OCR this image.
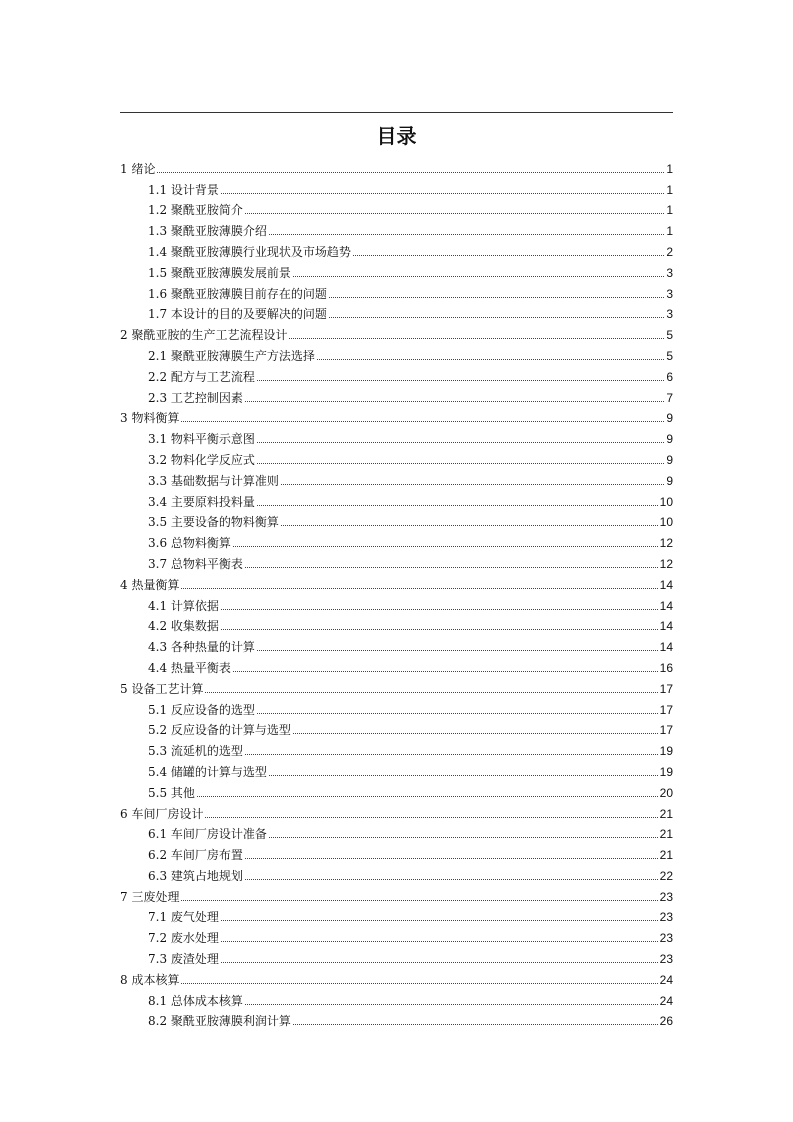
目录
1 绪论	1
1.1 设计背景	1
1.2 聚酰亚胺简介	1
1.3 聚酰亚胺薄膜介绍	1
1.4 聚酰亚胺薄膜行业现状及市场趋势	2
1.5 聚酰亚胺薄膜发展前景	3
1.6 聚酰亚胺薄膜目前存在的问题	3
1.7 本设计的目的及要解决的问题	3
2 聚酰亚胺的生产工艺流程设计	5
2.1 聚酰亚胺薄膜生产方法选择	5
2.2 配方与工艺流程	6
2.3 工艺控制因素	7
3 物料衡算	9
3.1 物料平衡示意图	9
3.2 物料化学反应式	9
3.3 基础数据与计算准则	9
3.4 主要原料投料量	10
3.5 主要设备的物料衡算	10
3.6 总物料衡算	12
3.7 总物料平衡表	12
4 热量衡算	14
4.1 计算依据	14
4.2 收集数据	14
4.3 各种热量的计算	14
4.4 热量平衡表	16
5 设备工艺计算	17
5.1 反应设备的选型	17
5.2 反应设备的计算与选型	17
5.3 流延机的选型	19
5.4 储罐的计算与选型	19
5.5 其他	20
6 车间厂房设计	21
6.1 车间厂房设计准备	21
6.2 车间厂房布置	21
6.3 建筑占地规划	22
7 三废处理	23
7.1 废气处理	23
7.2 废水处理	23
7.3 废渣处理	23
8 成本核算	24
8.1 总体成本核算	24
8.2 聚酰亚胺薄膜利润计算	26
